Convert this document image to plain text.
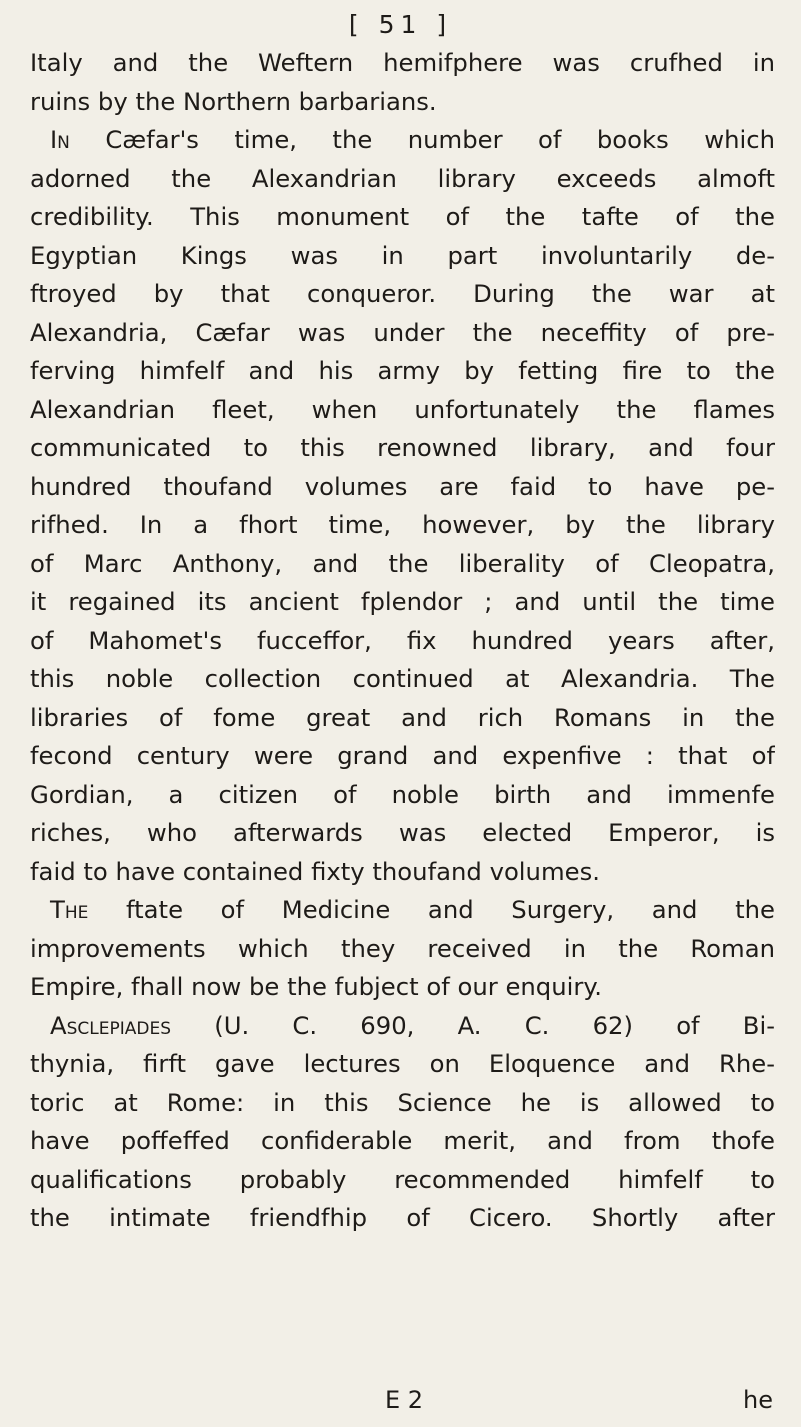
[ 51 ]
Italy and the Weftern hemifphere was crufhed in
ruins by the Northern barbarians.
In Cæfar's time, the number of books which
adorned the Alexandrian library exceeds almoft
credibility. This monument of the tafte of the
Egyptian Kings was in part involuntarily de-
ftroyed by that conqueror. During the war at
Alexandria, Cæfar was under the neceffity of pre-
ferving himfelf and his army by fetting fire to the
Alexandrian fleet, when unfortunately the flames
communicated to this renowned library, and four
hundred thoufand volumes are faid to have pe-
rifhed. In a fhort time, however, by the library
of Marc Anthony, and the liberality of Cleopatra,
it regained its ancient fplendor ; and until the time
of Mahomet's fucceffor, fix hundred years after,
this noble collection continued at Alexandria. The
libraries of fome great and rich Romans in the
fecond century were grand and expenfive : that of
Gordian, a citizen of noble birth and immenfe
riches, who afterwards was elected Emperor, is
faid to have contained fixty thoufand volumes.
The ftate of Medicine and Surgery, and the
improvements which they received in the Roman
Empire, fhall now be the fubject of our enquiry.
Asclepiades (U. C. 690, A. C. 62) of Bi-
thynia, firft gave lectures on Eloquence and Rhe-
toric at Rome: in this Science he is allowed to
have poffeffed confiderable merit, and from thofe
qualifications probably recommended himfelf to
the intimate friendfhip of Cicero. Shortly after
E 2	he
